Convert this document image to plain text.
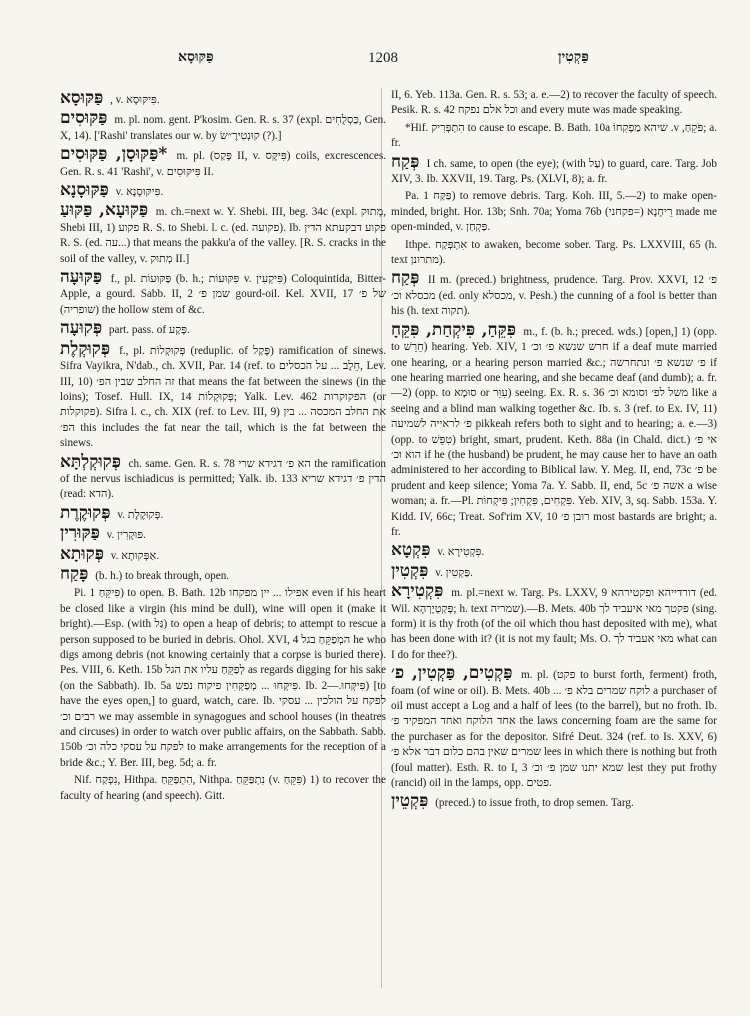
פַּקּוּסָא	1208	פַּקְטִין
פַּקּוּסָא , v. פִּיקּוּסָא.
פַּקּוּסִים m. pl. nom. gent. P'kosim. Gen. R. s. 37 (expl. כַּסְלֻחִים, Gen. X, 14). ['Rashi' translates our w. by קוּנְטִירֶ״שׂ (?).]
*פַּקּוּסָן, פַּקּוּסִים m. pl. (פָּקַס II, v. פִּיקָּס) coils, excrescences. Gen. R. s. 41 'Rashi', v. פִּיקּוּסִים II.
פַּקּוּסָנָא v. פִּיקּוּסָנָא.
פַּקּוּעָא, פַּקּוּעַ m. ch.=next w. Y. Shebi. III, beg. 34c (expl. מְתוּק, Shebi III, 1) פקוע R. S. to Shebi. l. c. (ed. פקועה). Ib. פקוע דבקעתא הדין R. S. (ed. עה...) that means the pakku'a of the valley. [R. S. cracks in the soil of the valley, v. מְתוּק II.]
פַּקּוּעָה f., pl. פַּקּוּעוֹת (b. h.; פִּקּוּעוֹת v. פִּיקְעִין) Coloquintida, Bitter-Apple, a gourd. Sabb. II, 2 שמן פ׳ gourd-oil. Kel. XVII, 17 של פ׳ (שופריה) the hollow stem of &c.
פְּקוּעָה part. pass. of פָּקַע.
פְּקוּקְלֶת f., pl. פְּקוּקְלוֹת (reduplic. of פָּקַל) ramification of sinews. Sifra Vayikra, N'dab., ch. XVII, Par. 14 (ref. to חֵלֶב ... על הכסלים, Lev. III, 10) זה החלב שבין הפ׳ that means the fat between the sinews (in the loins); Tosef. Hull. IX, 14 פְּקוּקְלוֹת; Yalk. Lev. 462 הפקוקרות (or פקוקלות). Sifra l. c., ch. XIX (ref. to Lev. III, 9) את החלב המכסה ... בין הפ׳ this includes the fat near the tail, which is the fat between the sinews.
פְּקוּקְלְתָּא ch. same. Gen. R. s. 78 הא פ׳ דגידא שרי the ramification of the nervus ischiadicus is permitted; Yalk. ib. 133 הדין פ׳ דגידא שריא (read: הדא).
פְּקוּקֶרֶת v. פְּקוּקֶלֶת.
פַּקּוּרִין v. פּוּקָרִין.
פְּקוּתָא v. אַפְּקוּתָא.
פָּקַח (b. h.) to break through, open.
Pi. פִּיקֵּחַ 1) to open. B. Bath. 12b אפילו ... יין מפקחו even if his heart be closed like a virgin (his mind be dull), wine will open it (make it bright).—Esp. (with גַּל) to open a heap of debris; to attempt to rescue a person supposed to be buried in debris. Ohol. XVI, 4 המְפַקֵּחַ בגל he who digs among debris (not knowing certainly that a corpse is buried there). Pes. VIII, 6. Keth. 15b לְפַקֵּחַ עליו את הגל as regards digging for his sake (on the Sabbath). Ib. 5a פִּיקְּחוּ ... מְפַקְּחִין פיקוח נפש. Ib. פִּיקְּחוּ.—2) [to have the eyes open,] to guard, watch, care. Ib. לפקח על הולכין ... עסקי רבים וכ׳ we may assemble in synagogues and school houses (in theatres and circuses) in order to watch over public affairs, on the Sabbath. Sabb. 150b לפקח על עסקי כלה וכ׳ to make arrangements for the reception of a bride &c.; Y. Ber. III, beg. 5d; a. fr.
Nif. נִפְקַח, Hithpa. הִתְפַּקֵּחַ, Nithpa. נִתְפַּקֵּחַ (v. פִּקֵּחַ) 1) to recover the faculty of hearing (and speech). Gitt.
II, 6. Yeb. 113a. Gen. R. s. 53; a. e.—2) to recover the faculty of speech. Pesik. R. s. 42 וכל אלם נפקח and every mute was made speaking.
*Hif. הִתְפְּרִיק to cause to escape. B. Bath. 10a שיהא מַפְקִחוֹ .v ,פֹּקֵחַ; a. fr.
פְּקַח I ch. same, to open (the eye); (with עַל) to guard, care. Targ. Job XIV, 3. Ib. XXVII, 19. Targ. Ps. (XLVI, 8); a. fr.
Pa. פַּקַּח 1) to remove debris. Targ. Koh. III, 5.—2) to make open-minded, bright. Hor. 13b; Snh. 70a; Yoma 76b רֵיחָנָא (=פקחני) made me open-minded, v. פַּקְחַן.
Ithpe. אִתְפְּקַח to awaken, become sober. Targ. Ps. LXXVIII, 65 (h. text מתרונן).
פְּקַח II m. (preced.) brightness, prudence. Targ. Prov. XXVI, 12 פ׳ מכסלא וכ׳ (ed. only מכסלא, v. Pesh.) the cunning of a fool is better than his (h. text תקוה).
פִּקֵּחַ, פִּיקְחַת, פִּקֵּחָ m., f. (b. h.; preced. wds.) [open,] 1) (opp. to חֵרֵשׁ) hearing. Yeb. XIV, 1 חרש שנשא פ׳ וכ׳ if a deaf mute married one hearing, or a hearing person married &c.; פ׳ שנשא פ׳ ונתחרשה if one hearing married one hearing, and she became deaf (and dumb); a. fr.—2) (opp. to סוּמָא or עִוֵּר) seeing. Ex. R. s. 36 משל לפ׳ וסומא וכ׳ like a seeing and a blind man walking together &c. Ib. s. 3 (ref. to Ex. IV, 11) פ׳ לראייה לשמיעה pikkeah refers both to sight and to hearing; a. e.—3) (opp. to טִפֵּשׁ) bright, smart, prudent. Keth. 88a (in Chald. dict.) אי פ׳ הוא וכ׳ if he (the husband) be prudent, he may cause her to have an oath administered to her according to Biblical law. Y. Meg. II, end, 73c פ׳ be prudent and keep silence; Yoma 7a. Y. Sabb. II, end, 5c אשה פ׳ a wise woman; a. fr.—Pl. פִּקְחִים, פִּקְחִין; פִּיקְחוֹת. Yeb. XIV, 3, sq. Sabb. 153a. Y. Kidd. IV, 66c; Treat. Sof'rim XV, 10 רובן פ׳ most bastards are bright; a. fr.
פִּקְטָא v. פִּקְטִירָא.
פִּקְטִין v. פַּקְטִין.
פִּקְטִירָא m. pl.=next w. Targ. Ps. LXXV, 9 דורדייהא ופקטירהא (ed. Wil. פְּקַטְיָרְהָא; h. text שמריה).—B. Mets. 40b פקטך מאי איעביד לך (sing. form) it is thy froth (of the oil which thou hast deposited with me), what has been done with it? (it is not my fault; Ms. O. מאי אעביד לך what can I do for thee?).
פַּקְטִים, פַּקְטִין, פ׳ m. pl. (פקט to burst forth, ferment) froth, foam (of wine or oil). B. Mets. 40b ... לוקח שמרים בלא פ׳ a purchaser of oil must accept a Log and a half of lees (to the barrel), but no froth. Ib. אחד הלוקח ואחד המפקיד פ׳ the laws concerning foam are the same for the purchaser as for the depositor. Sifré Deut. 324 (ref. to Is. XXV, 6) שמרים שאין בהם כלום דבר אלא פ׳ lees in which there is nothing but froth (foul matter). Esth. R. to I, 3 שמא יתנו שמן פ׳ וכ׳ lest they put frothy (rancid) oil in the lamps, opp. פטים.
פִּקְטֵין (preced.) to issue froth, to drop semen. Targ.
